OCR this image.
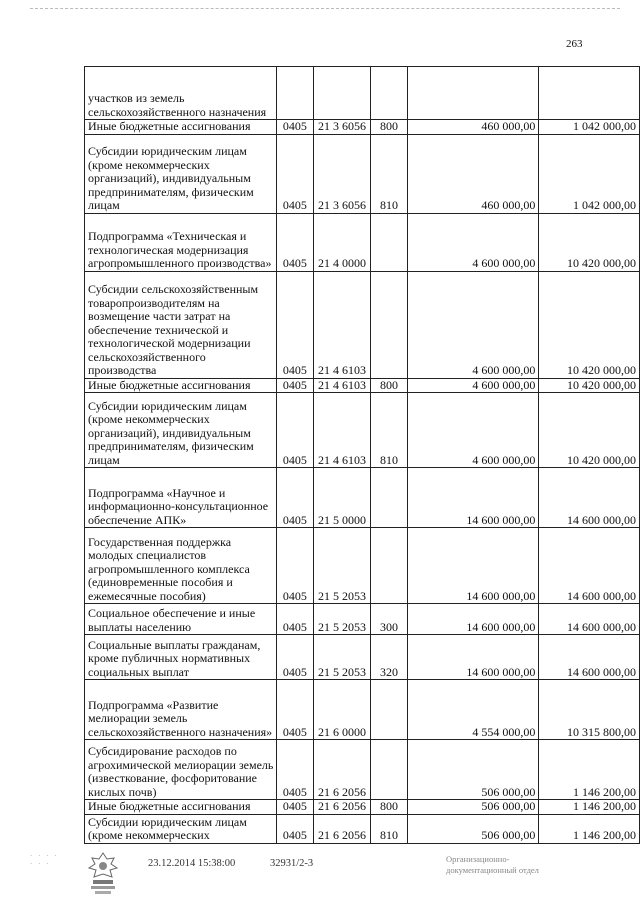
263
участков из земель сельскохозяйственного назначения					
Иные бюджетные ассигнования	0405	21 3 6056	800	460 000,00	1 042 000,00
Субсидии юридическим лицам (кроме некоммерческих организаций), индивидуальным предпринимателям, физическим лицам	0405	21 3 6056	810	460 000,00	1 042 000,00
Подпрограмма «Техническая и технологическая модернизация агропромышленного производства»	0405	21 4 0000		4 600 000,00	10 420 000,00
Субсидии сельскохозяйственным товаропроизводителям на возмещение части затрат на обеспечение технической и технологической модернизации сельскохозяйственного производства	0405	21 4 6103		4 600 000,00	10 420 000,00
Иные бюджетные ассигнования	0405	21 4 6103	800	4 600 000,00	10 420 000,00
Субсидии юридическим лицам (кроме некоммерческих организаций), индивидуальным предпринимателям, физическим лицам	0405	21 4 6103	810	4 600 000,00	10 420 000,00
Подпрограмма «Научное и информационно-консультационное обеспечение АПК»	0405	21 5 0000		14 600 000,00	14 600 000,00
Государственная поддержка молодых специалистов агропромышленного комплекса (единовременные пособия и ежемесячные пособия)	0405	21 5 2053		14 600 000,00	14 600 000,00
Социальное обеспечение и иные выплаты населению	0405	21 5 2053	300	14 600 000,00	14 600 000,00
Социальные выплаты гражданам, кроме публичных нормативных социальных выплат	0405	21 5 2053	320	14 600 000,00	14 600 000,00
Подпрограмма «Развитие мелиорации земель сельскохозяйственного назначения»	0405	21 6 0000		4 554 000,00	10 315 800,00
Субсидирование расходов по агрохимической мелиорации земель (известкование, фосфоритование кислых почв)	0405	21 6 2056		506 000,00	1 146 200,00
Иные бюджетные ассигнования	0405	21 6 2056	800	506 000,00	1 146 200,00
Субсидии юридическим лицам (кроме некоммерческих	0405	21 6 2056	810	506 000,00	1 146 200,00
· · · ·
· · ·	23.12.2014 15:38:00	32931/2-3	Организационно-документационный отдел
